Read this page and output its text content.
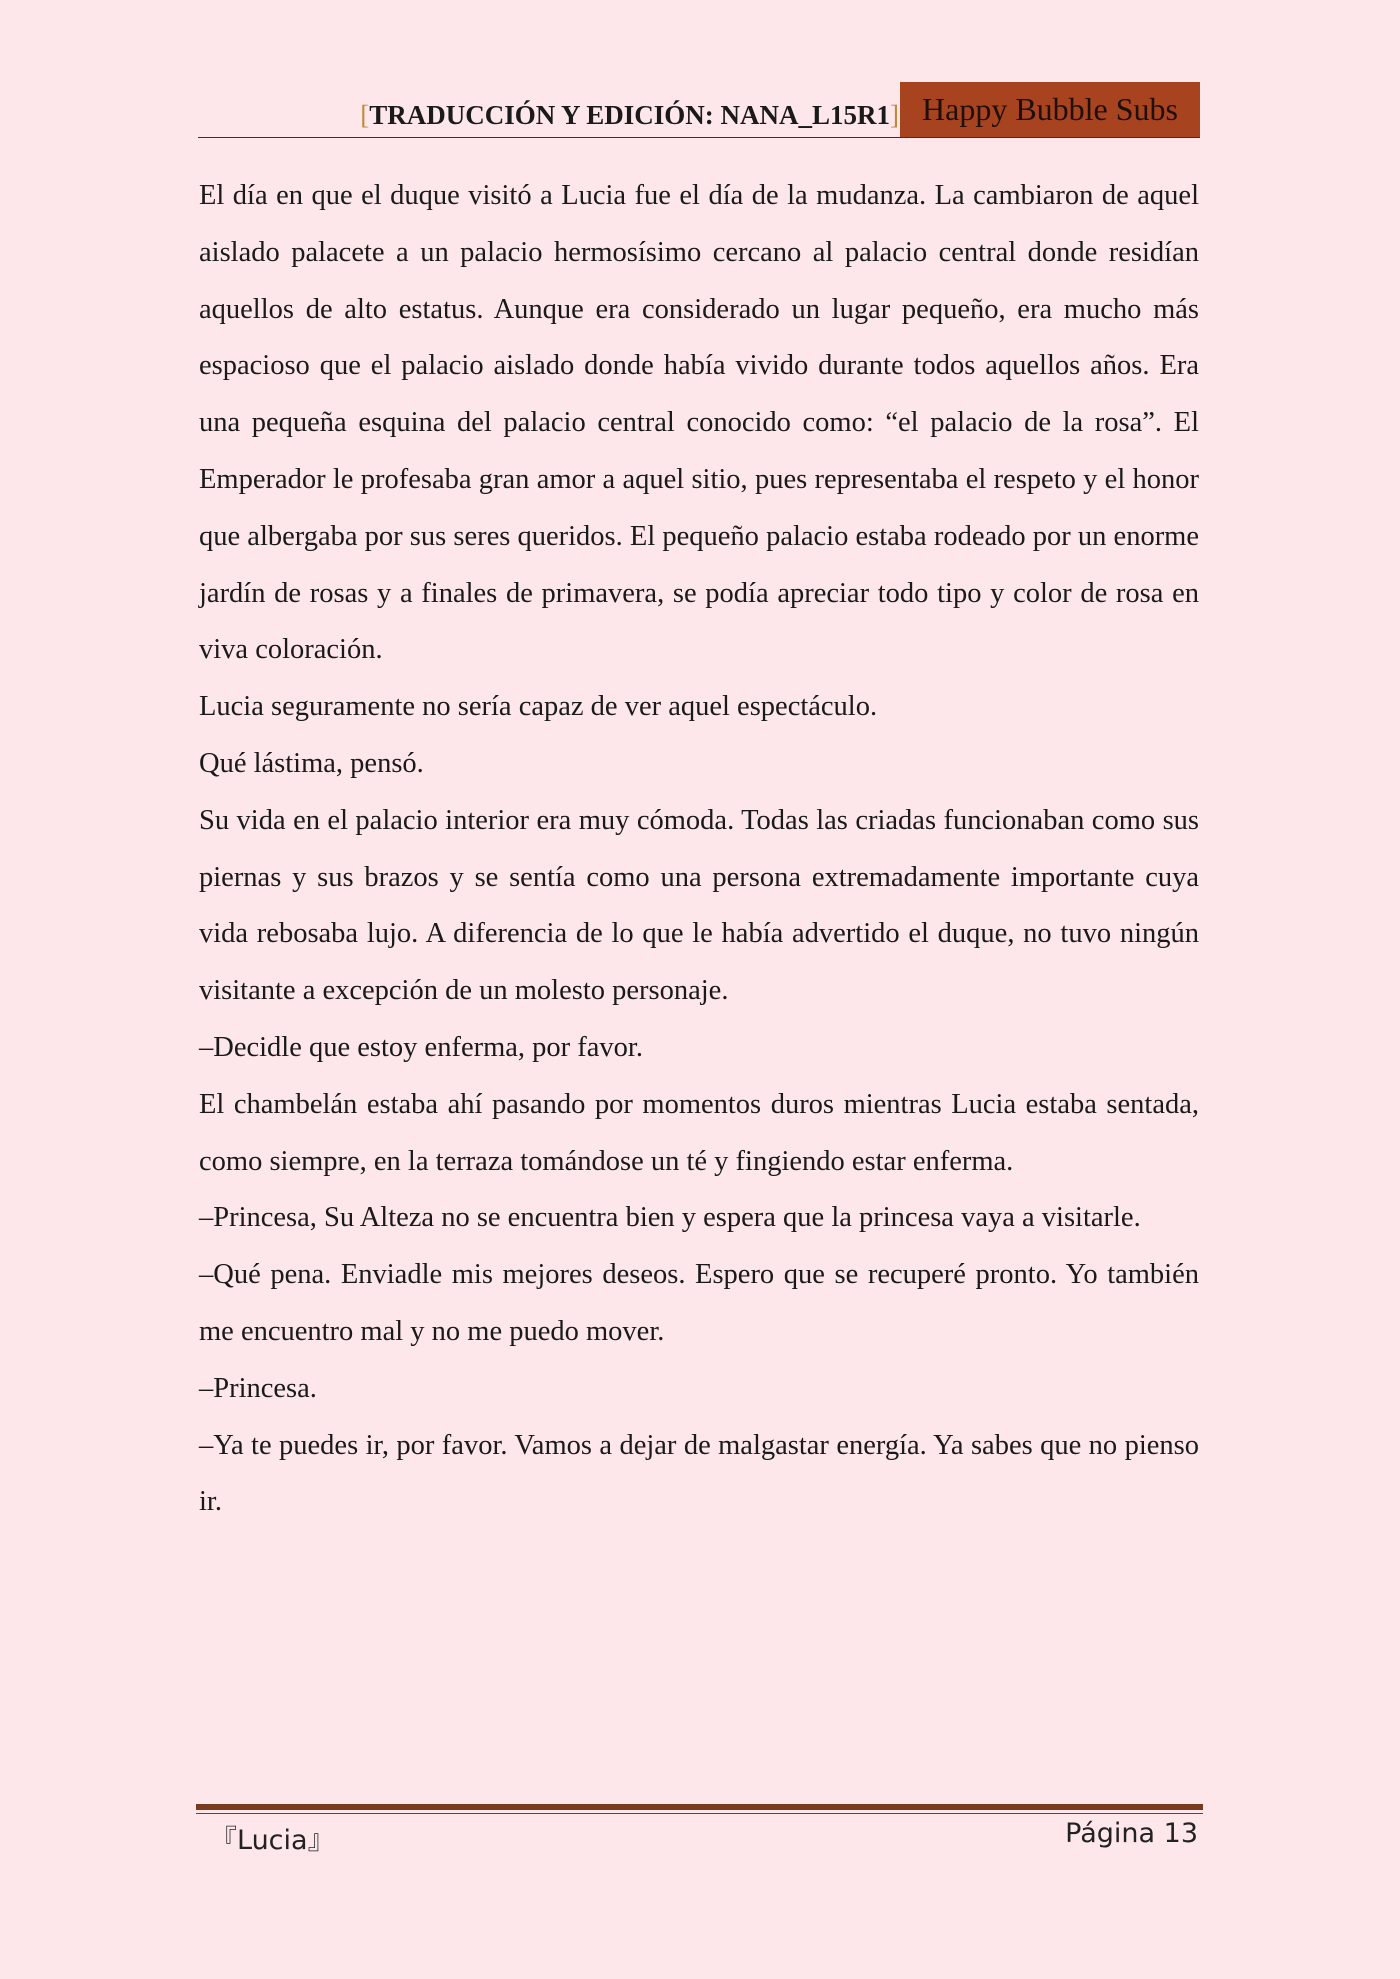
[TRADUCCIÓN Y EDICIÓN: NANA_L15R1] Happy Bubble Subs

El día en que el duque visitó a Lucia fue el día de la mudanza. La cambiaron de aquel aislado palacete a un palacio hermosísimo cercano al palacio central donde residían aquellos de alto estatus. Aunque era considerado un lugar pequeño, era mucho más espacioso que el palacio aislado donde había vivido durante todos aquellos años. Era una pequeña esquina del palacio central conocido como: “el palacio de la rosa”. El Emperador le profesaba gran amor a aquel sitio, pues representaba el respeto y el honor que albergaba por sus seres queridos. El pequeño palacio estaba rodeado por un enorme jardín de rosas y a finales de primavera, se podía apreciar todo tipo y color de rosa en viva coloración.

Lucia seguramente no sería capaz de ver aquel espectáculo.

Qué lástima, pensó.

Su vida en el palacio interior era muy cómoda. Todas las criadas funcionaban como sus piernas y sus brazos y se sentía como una persona extremadamente importante cuya vida rebosaba lujo. A diferencia de lo que le había advertido el duque, no tuvo ningún visitante a excepción de un molesto personaje.

–Decidle que estoy enferma, por favor.

El chambelán estaba ahí pasando por momentos duros mientras Lucia estaba sentada, como siempre, en la terraza tomándose un té y fingiendo estar enferma.

–Princesa, Su Alteza no se encuentra bien y espera que la princesa vaya a visitarle.

–Qué pena. Enviadle mis mejores deseos. Espero que se recuperé pronto. Yo también me encuentro mal y no me puedo mover.

–Princesa.

–Ya te puedes ir, por favor. Vamos a dejar de malgastar energía. Ya sabes que no pienso ir.

『Lucia』	Página 13
